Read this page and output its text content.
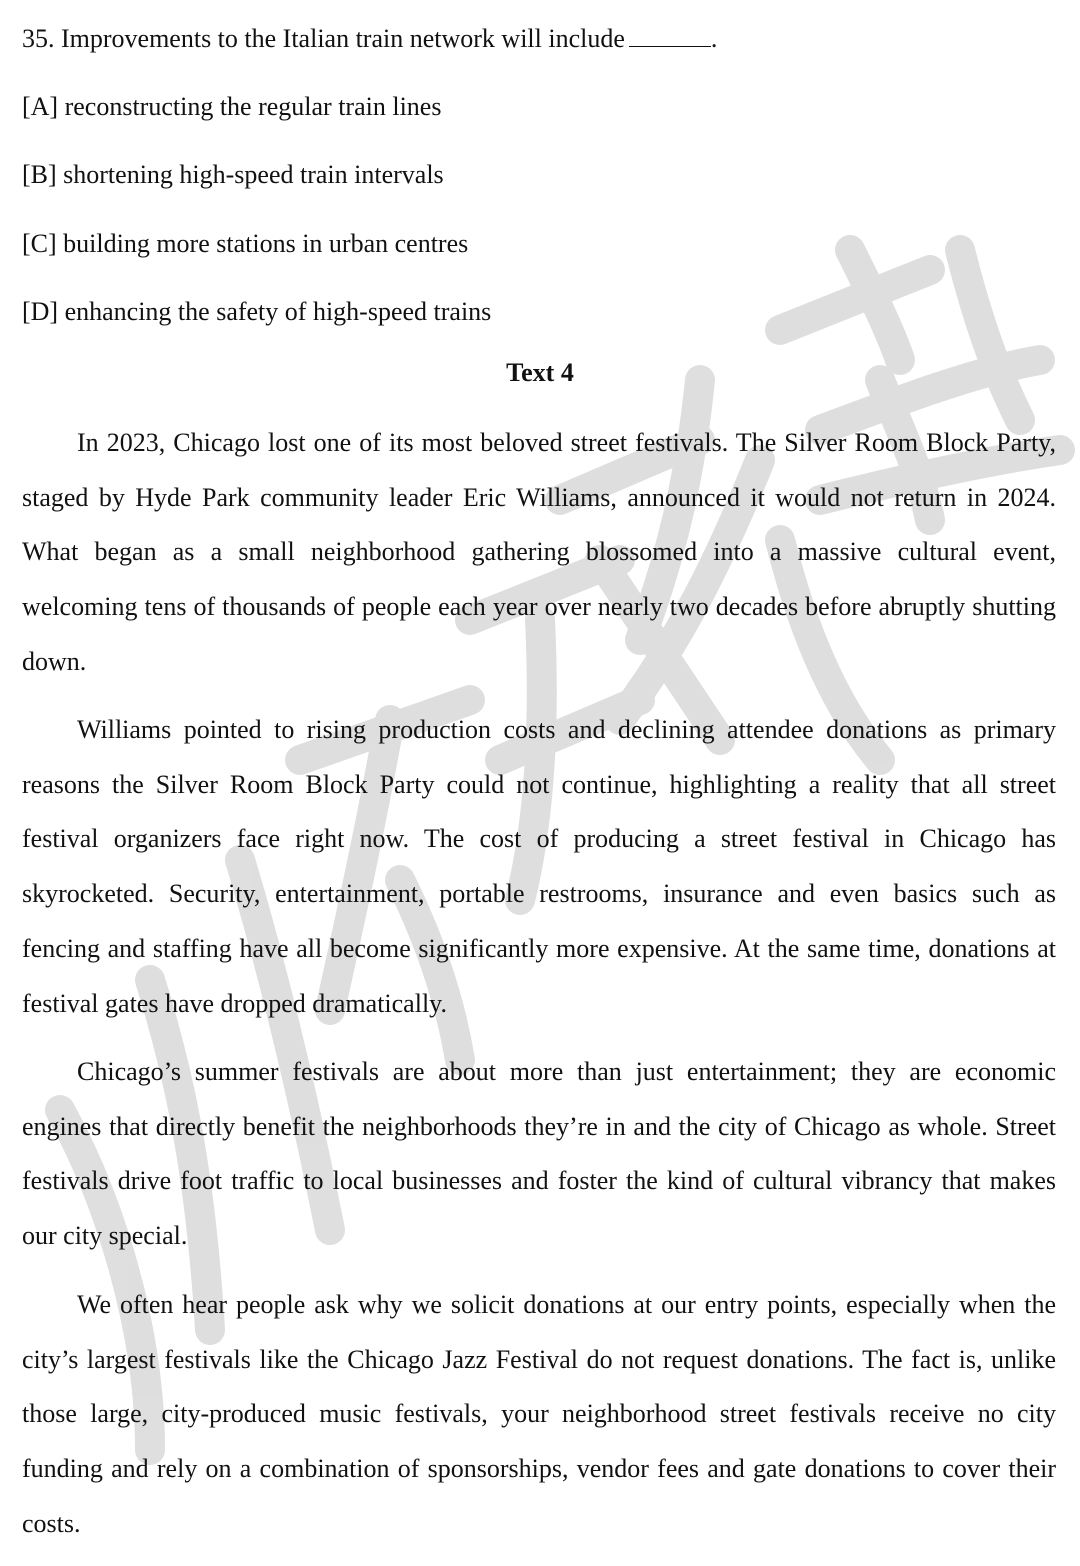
35. Improvements to the Italian train network will include	.
[A] reconstructing the regular train lines
[B] shortening high-speed train intervals
[C] building more stations in urban centres
[D] enhancing the safety of high-speed trains
Text 4

In 2023, Chicago lost one of its most beloved street festivals. The Silver Room Block Party, staged by Hyde Park community leader Eric Williams, announced it would not return in 2024. What began as a small neighborhood gathering blossomed into a massive cultural event, welcoming tens of thousands of people each year over nearly two decades before abruptly shutting down.

Williams pointed to rising production costs and declining attendee donations as primary reasons the Silver Room Block Party could not continue, highlighting a reality that all street festival organizers face right now. The cost of producing a street festival in Chicago has skyrocketed. Security, entertainment, portable restrooms, insurance and even basics such as fencing and staffing have all become significantly more expensive. At the same time, donations at festival gates have dropped dramatically.

Chicago’s summer festivals are about more than just entertainment; they are economic engines that directly benefit the neighborhoods they’re in and the city of Chicago as whole. Street festivals drive foot traffic to local businesses and foster the kind of cultural vibrancy that makes our city special.

We often hear people ask why we solicit donations at our entry points, especially when the city’s largest festivals like the Chicago Jazz Festival do not request donations. The fact is, unlike those large, city-produced music festivals, your neighborhood street festivals receive no city funding and rely on a combination of sponsorships, vendor fees and gate donations to cover their costs.
